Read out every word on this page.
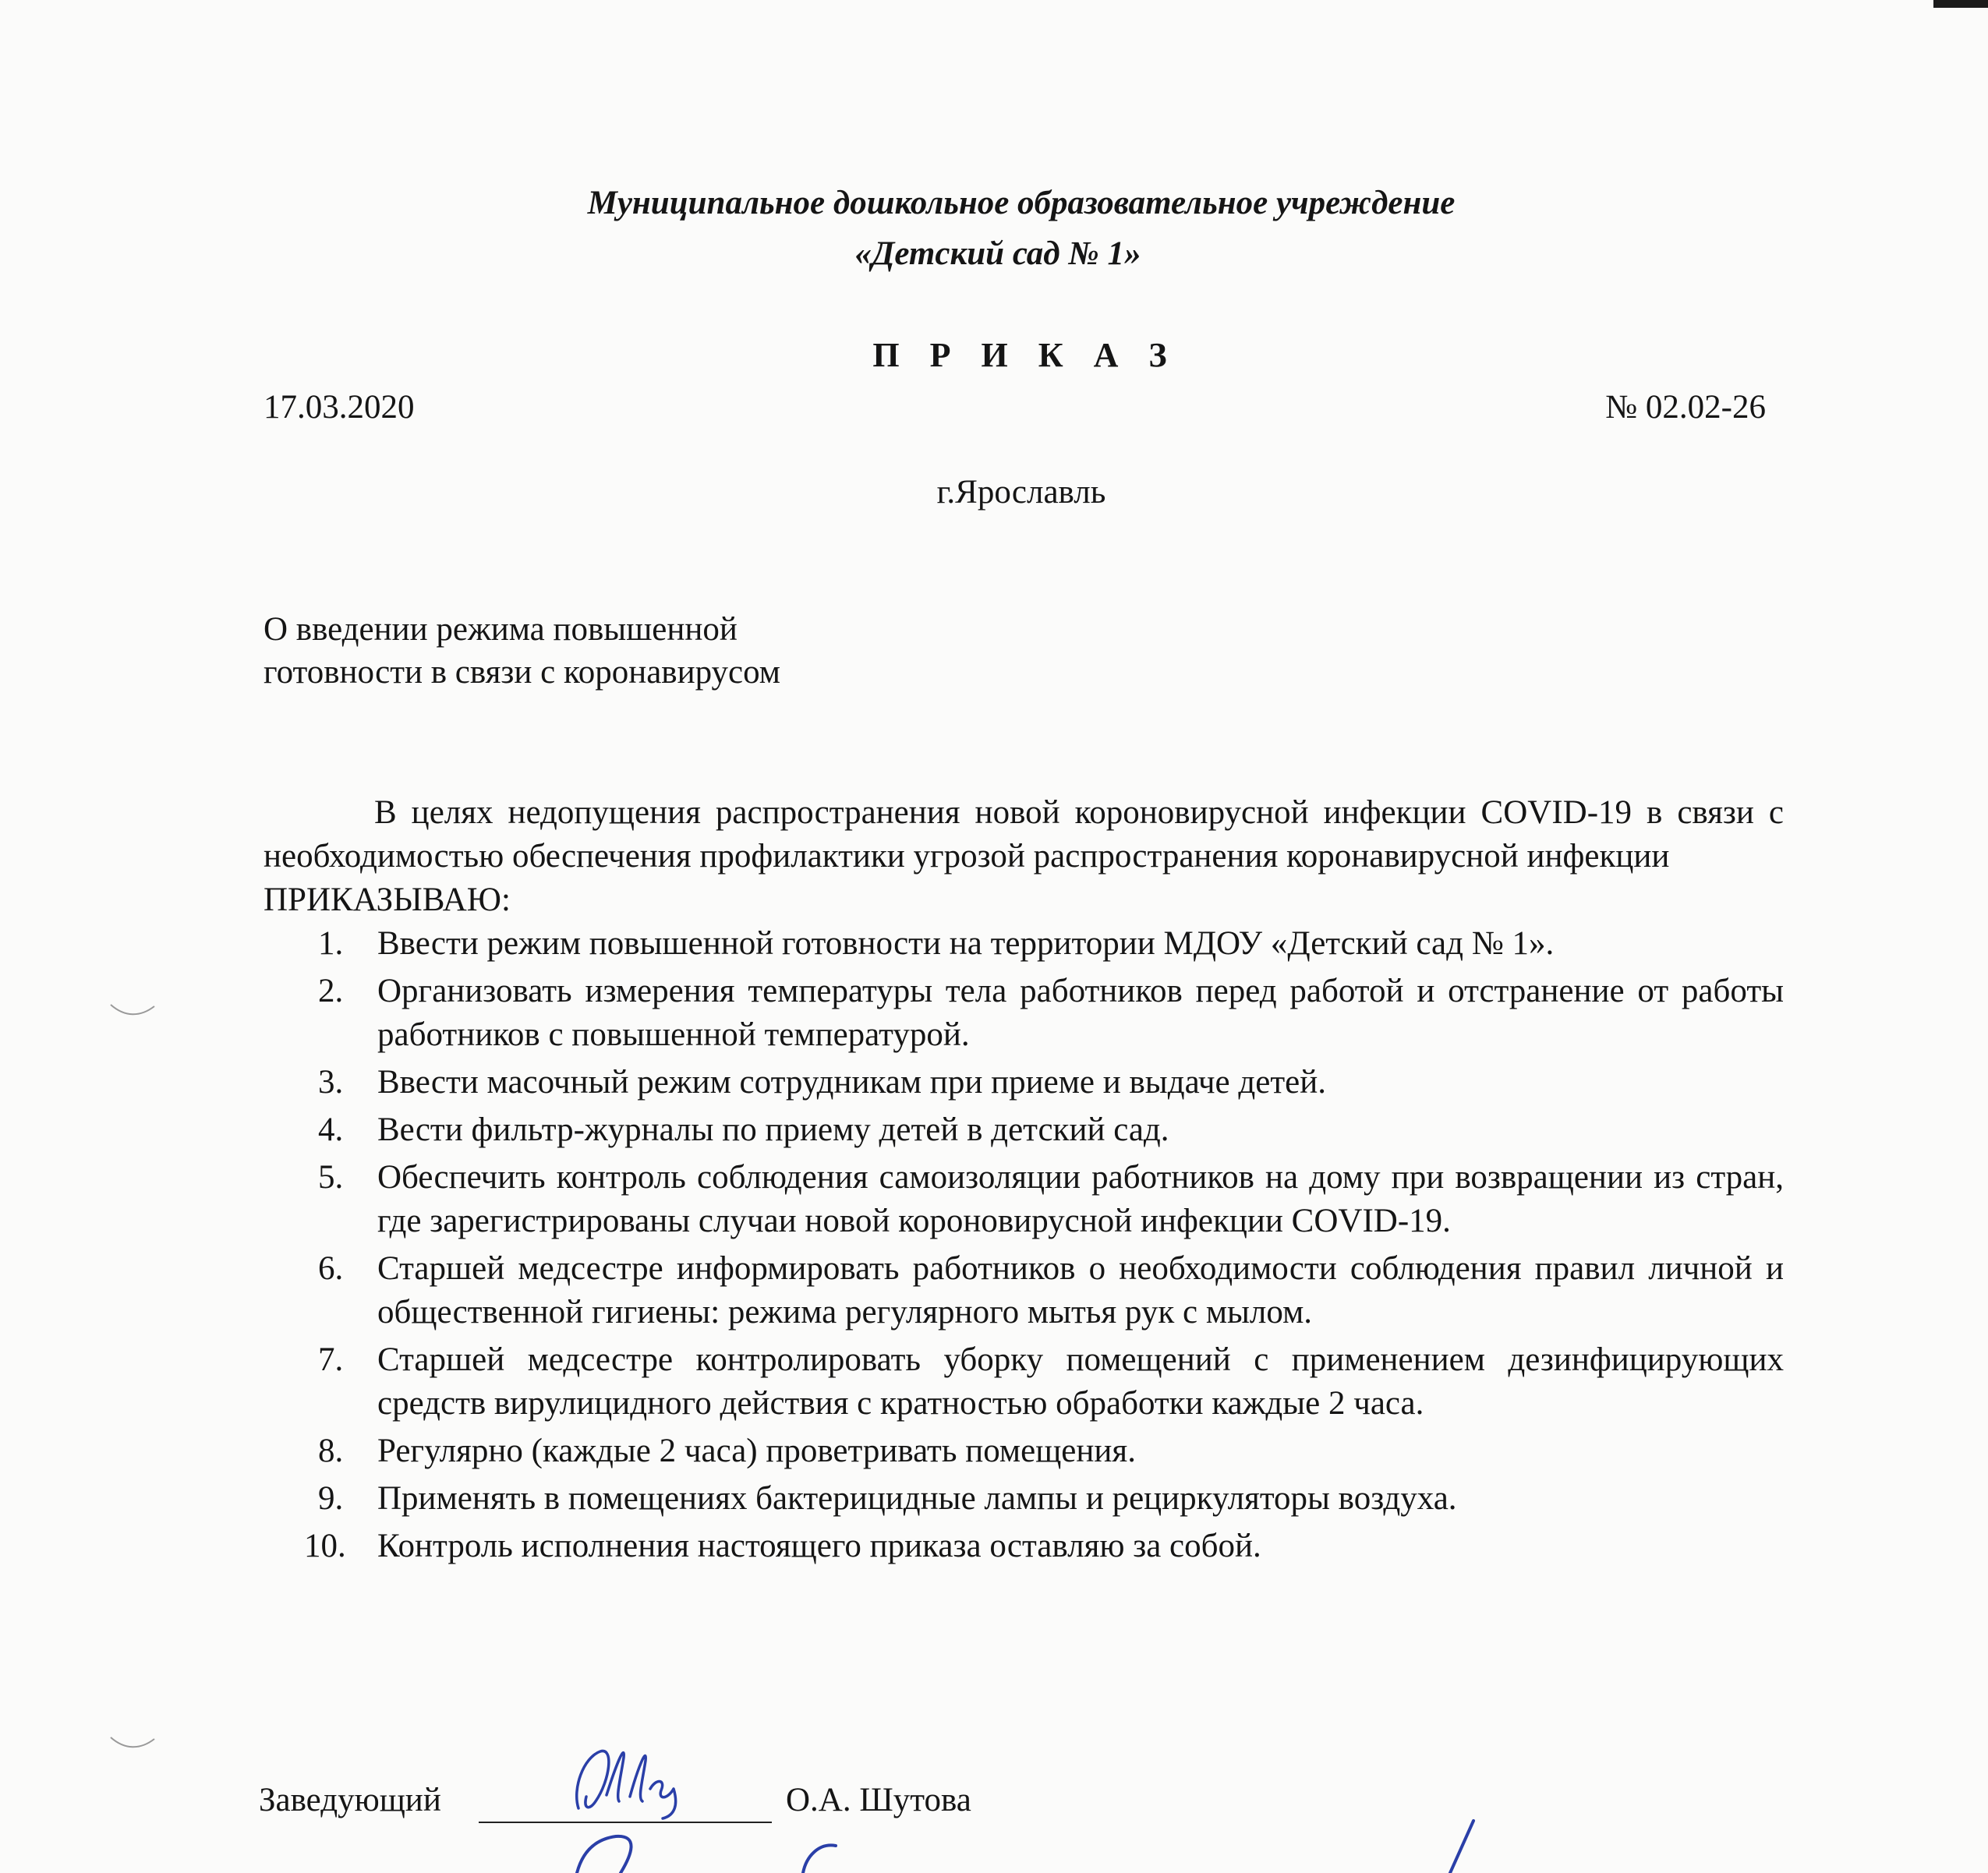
Муниципальное дошкольное образовательное учреждение
«Детский сад № 1»
П Р И К А З
17.03.2020	№ 02.02-26
г.Ярославль
О введении режима повышенной
готовности в связи с коронавирусом

В целях недопущения распространения новой короновирусной инфекции COVID-19 в связи с необходимостью обеспечения профилактики угрозой распространения коронавирусной инфекции

ПРИКАЗЫВАЮ:

1. Ввести режим повышенной готовности на территории МДОУ «Детский сад № 1».
2. Организовать измерения температуры тела работников перед работой и отстранение от работы работников с повышенной температурой.
3. Ввести масочный режим сотрудникам при приеме и выдаче детей.
4. Вести фильтр-журналы по приему детей в детский сад.
5. Обеспечить контроль соблюдения самоизоляции работников на дому при возвращении из стран, где зарегистрированы случаи новой короновирусной инфекции COVID-19.
6. Старшей медсестре информировать работников о необходимости соблюдения правил личной и общественной гигиены: режима регулярного мытья рук с мылом.
7. Старшей медсестре контролировать уборку помещений с применением дезинфицирующих средств вирулицидного действия с кратностью обработки каждые 2 часа.
8. Регулярно (каждые 2 часа) проветривать помещения.
9. Применять в помещениях бактерицидные лампы и рециркуляторы воздуха.
10. Контроль исполнения настоящего приказа оставляю за собой.
Заведующий	О.А. Шутова
